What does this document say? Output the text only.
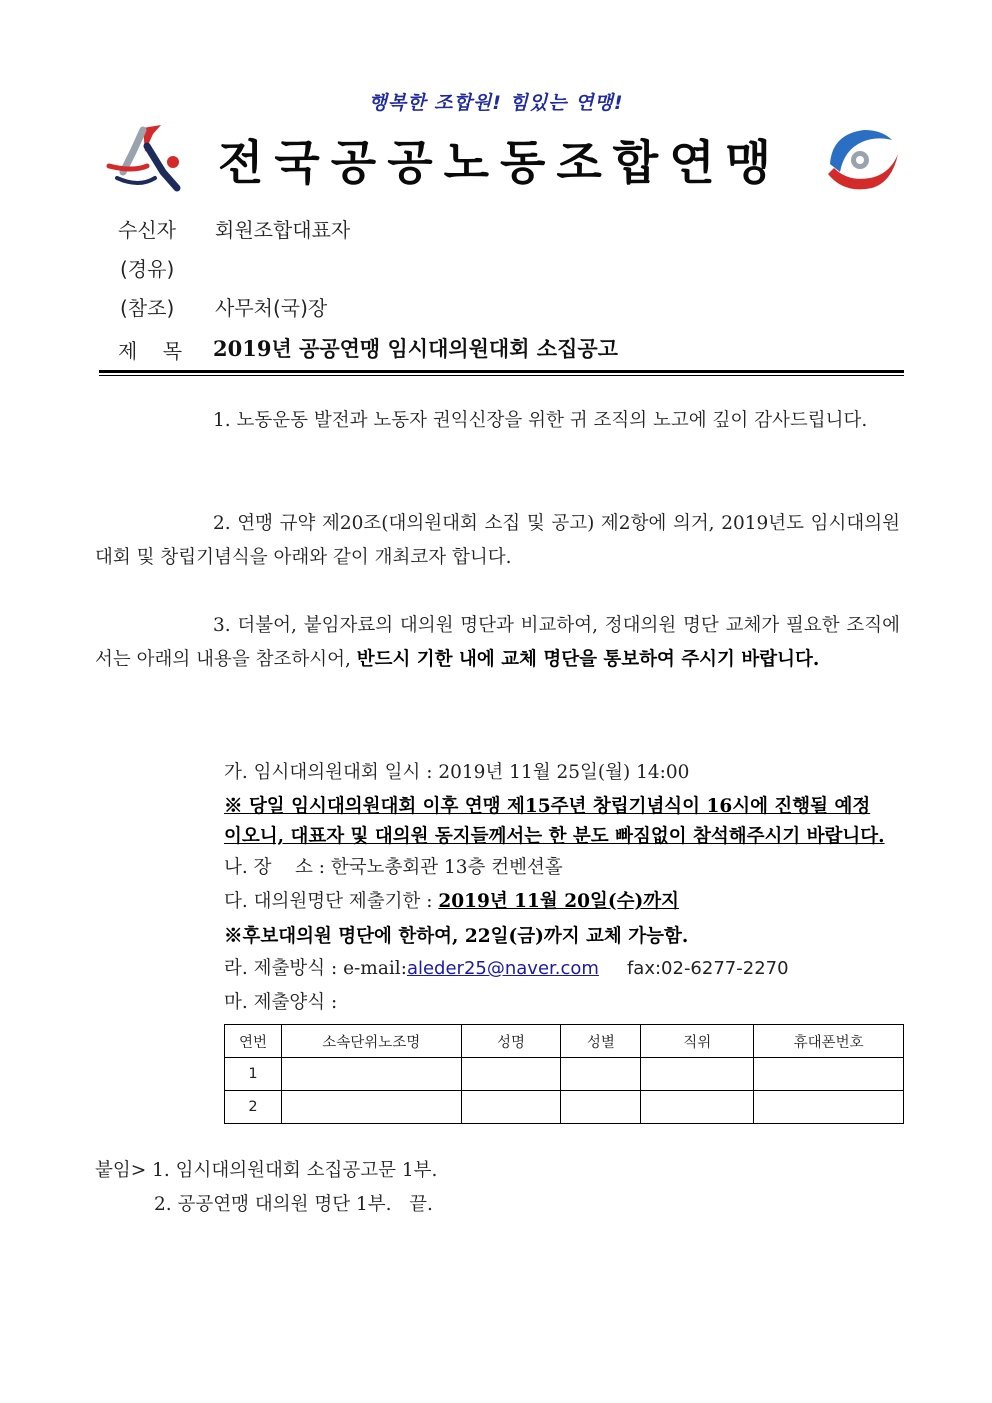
행복한 조합원! 힘있는 연맹!
전국공공노동조합연맹
수신자 회원조합대표자
(경유)
(참조) 사무처(국)장
제    목 2019년 공공연맹 임시대의원대회 소집공고
1. 노동운동 발전과 노동자 권익신장을 위한 귀 조직의 노고에 깊이 감사드립니다.
2. 연맹 규약 제20조(대의원대회 소집 및 공고) 제2항에 의거, 2019년도 임시대의원대회 및 창립기념식을 아래와 같이 개최코자 합니다.
3. 더불어, 붙임자료의 대의원 명단과 비교하여, 정대의원 명단 교체가 필요한 조직에서는 아래의 내용을 참조하시어, 반드시 기한 내에 교체 명단을 통보하여 주시기 바랍니다.
가. 임시대의원대회 일시 : 2019년 11월 25일(월) 14:00
※ 당일 임시대의원대회 이후 연맹 제15주년 창립기념식이 16시에 진행될 예정
이오니, 대표자 및 대의원 동지들께서는 한 분도 빠짐없이 참석해주시기 바랍니다.
나. 장    소 : 한국노총회관 13층 컨벤션홀
다. 대의원명단 제출기한 : 2019년 11월 20일(수)까지
※후보대의원 명단에 한하여, 22일(금)까지 교체 가능함.
라. 제출방식 : e-mail:aleder25@naver.com fax:02-6277-2270
마. 제출양식 :
연번	소속단위노조명	성명	성별	직위	휴대폰번호
1					
2					
붙임> 1. 임시대의원대회 소집공고문 1부.
2. 공공연맹 대의원 명단 1부.   끝.
